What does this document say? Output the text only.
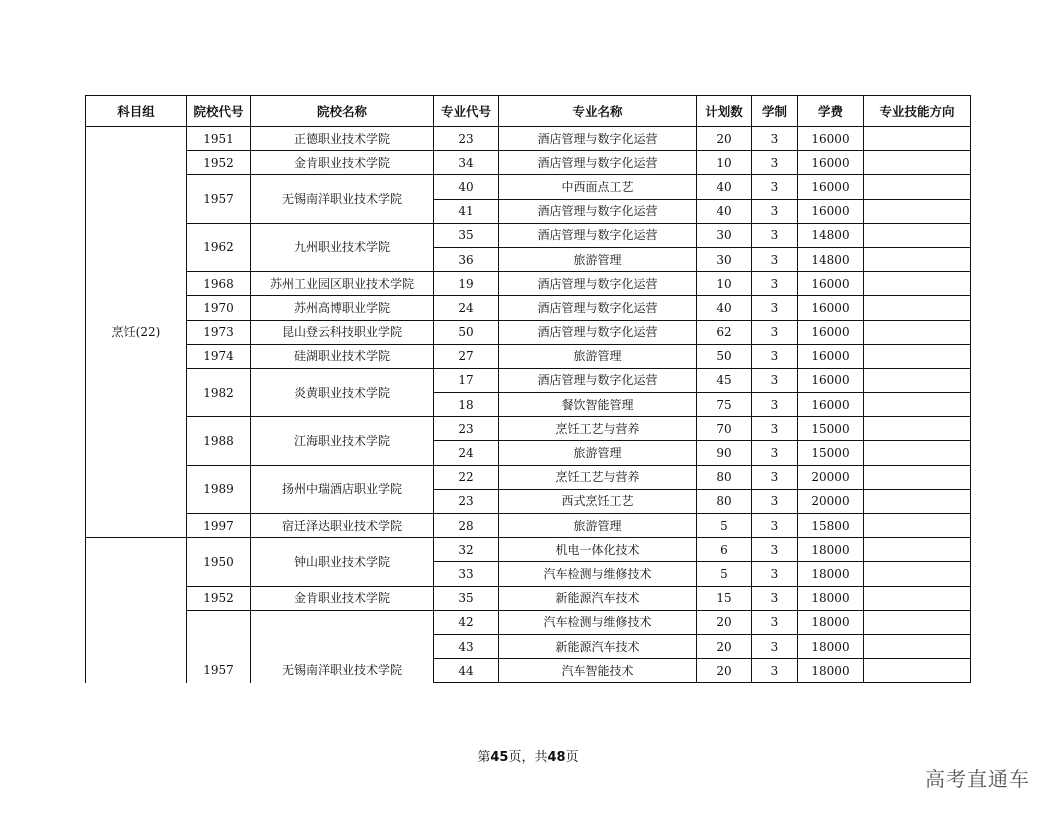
科目组	院校代号	院校名称	专业代号	专业名称	计划数	学制	学费	专业技能方向
烹饪(22)	1951	正德职业技术学院	23	酒店管理与数字化运营	20	3	16000	
	1952	金肯职业技术学院	34	酒店管理与数字化运营	10	3	16000	
	1957	无锡南洋职业技术学院	40	中西面点工艺	40	3	16000	
			41	酒店管理与数字化运营	40	3	16000	
	1962	九州职业技术学院	35	酒店管理与数字化运营	30	3	14800	
			36	旅游管理	30	3	14800	
	1968	苏州工业园区职业技术学院	19	酒店管理与数字化运营	10	3	16000	
	1970	苏州高博职业学院	24	酒店管理与数字化运营	40	3	16000	
	1973	昆山登云科技职业学院	50	酒店管理与数字化运营	62	3	16000	
	1974	硅湖职业技术学院	27	旅游管理	50	3	16000	
	1982	炎黄职业技术学院	17	酒店管理与数字化运营	45	3	16000	
			18	餐饮智能管理	75	3	16000	
	1988	江海职业技术学院	23	烹饪工艺与营养	70	3	15000	
			24	旅游管理	90	3	15000	
	1989	扬州中瑞酒店职业学院	22	烹饪工艺与营养	80	3	20000	
			23	西式烹饪工艺	80	3	20000	
	1997	宿迁泽达职业技术学院	28	旅游管理	5	3	15800	
	1950	钟山职业技术学院	32	机电一体化技术	6	3	18000	
			33	汽车检测与维修技术	5	3	18000	
	1952	金肯职业技术学院	35	新能源汽车技术	15	3	18000	
	1957	无锡南洋职业技术学院	42	汽车检测与维修技术	20	3	18000	
			43	新能源汽车技术	20	3	18000	
			44	汽车智能技术	20	3	18000	
第45页，共48页
高考直通车
